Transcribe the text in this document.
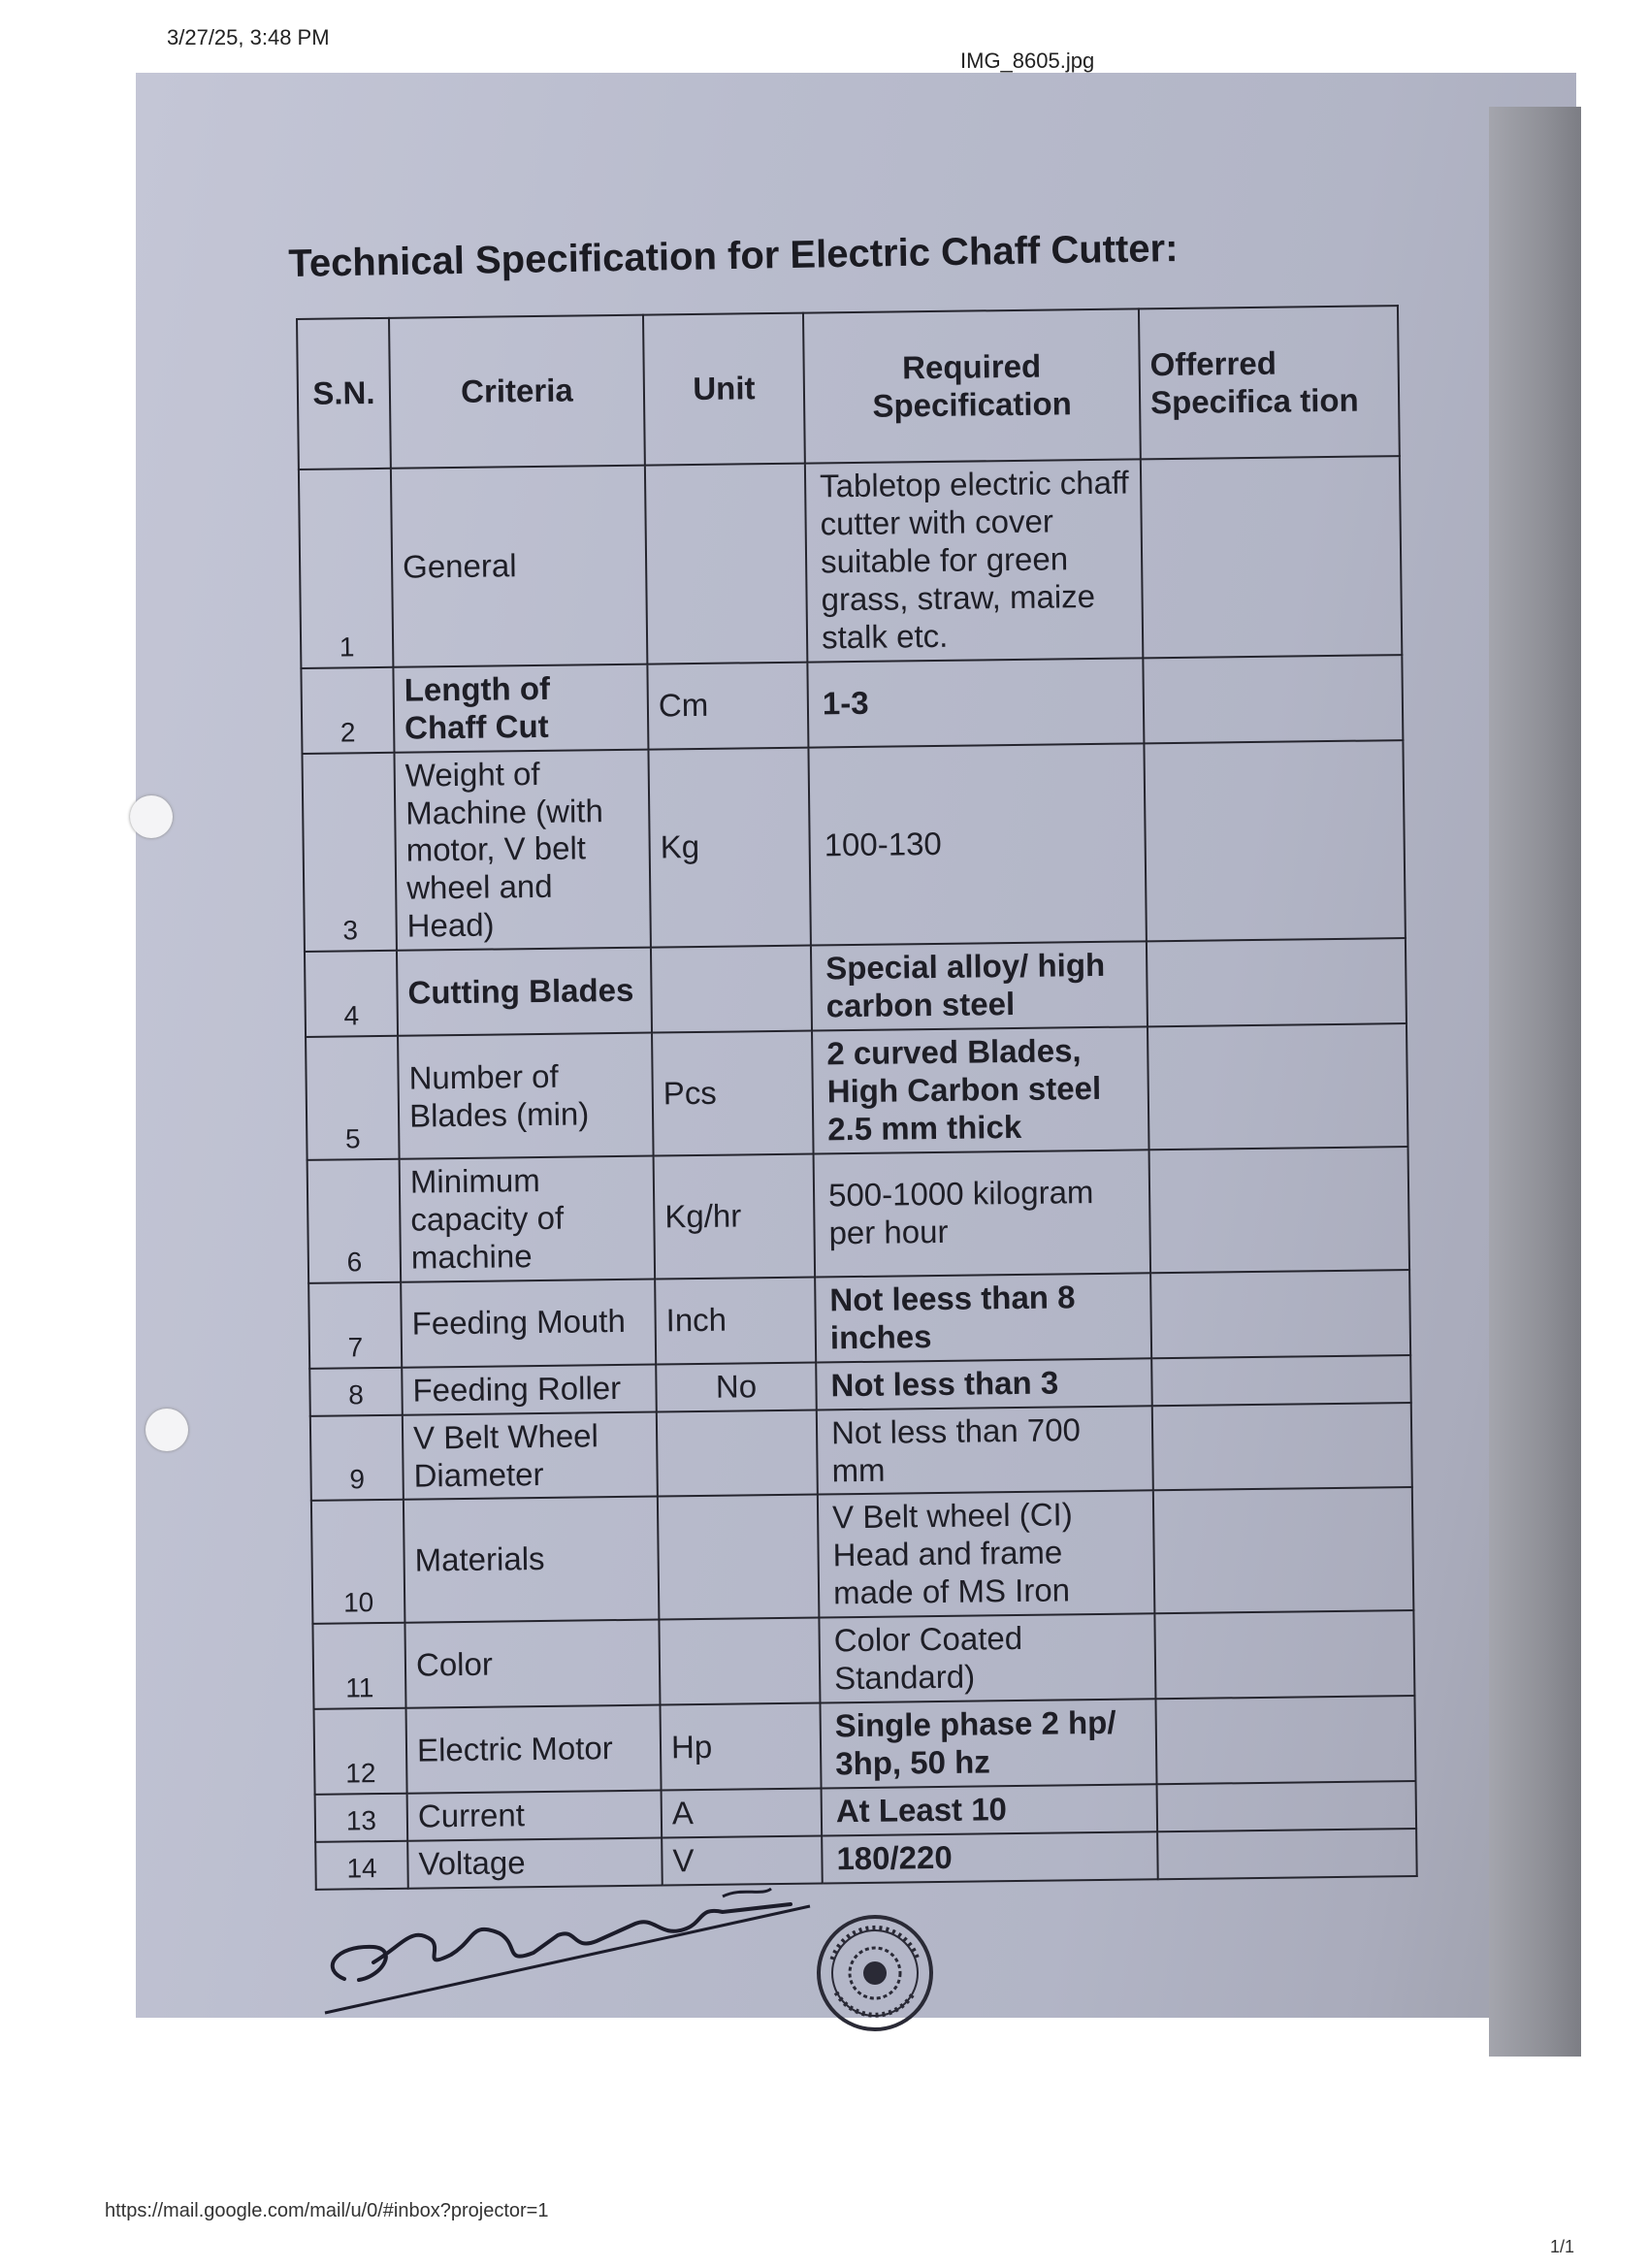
3/27/25, 3:48 PM
IMG_8605.jpg
Technical Specification for Electric Chaff Cutter:
S.N.	Criteria	Unit	Required Specification	Offerred Specifica tion
1	General		Tabletop electric chaff cutter with cover suitable for green grass, straw, maize stalk etc.	
2	Length of Chaff Cut	Cm	1-3	
3	Weight of Machine (with motor, V belt wheel and Head)	Kg	100-130	
4	Cutting Blades		Special alloy/ high carbon steel	
5	Number of Blades (min)	Pcs	2 curved Blades, High Carbon steel 2.5 mm thick	
6	Minimum capacity of machine	Kg/hr	500-1000 kilogram per hour	
7	Feeding Mouth	Inch	Not leess than 8 inches	
8	Feeding Roller	No	Not less than 3	
9	V Belt Wheel Diameter		Not less than 700 mm	
10	Materials		V Belt wheel (CI) Head and frame made of MS Iron	
11	Color		Color Coated Standard)	
12	Electric Motor	Hp	Single phase 2 hp/ 3hp, 50 hz	
13	Current	A	At Least 10	
14	Voltage	V	180/220	
https://mail.google.com/mail/u/0/#inbox?projector=1
1/1
